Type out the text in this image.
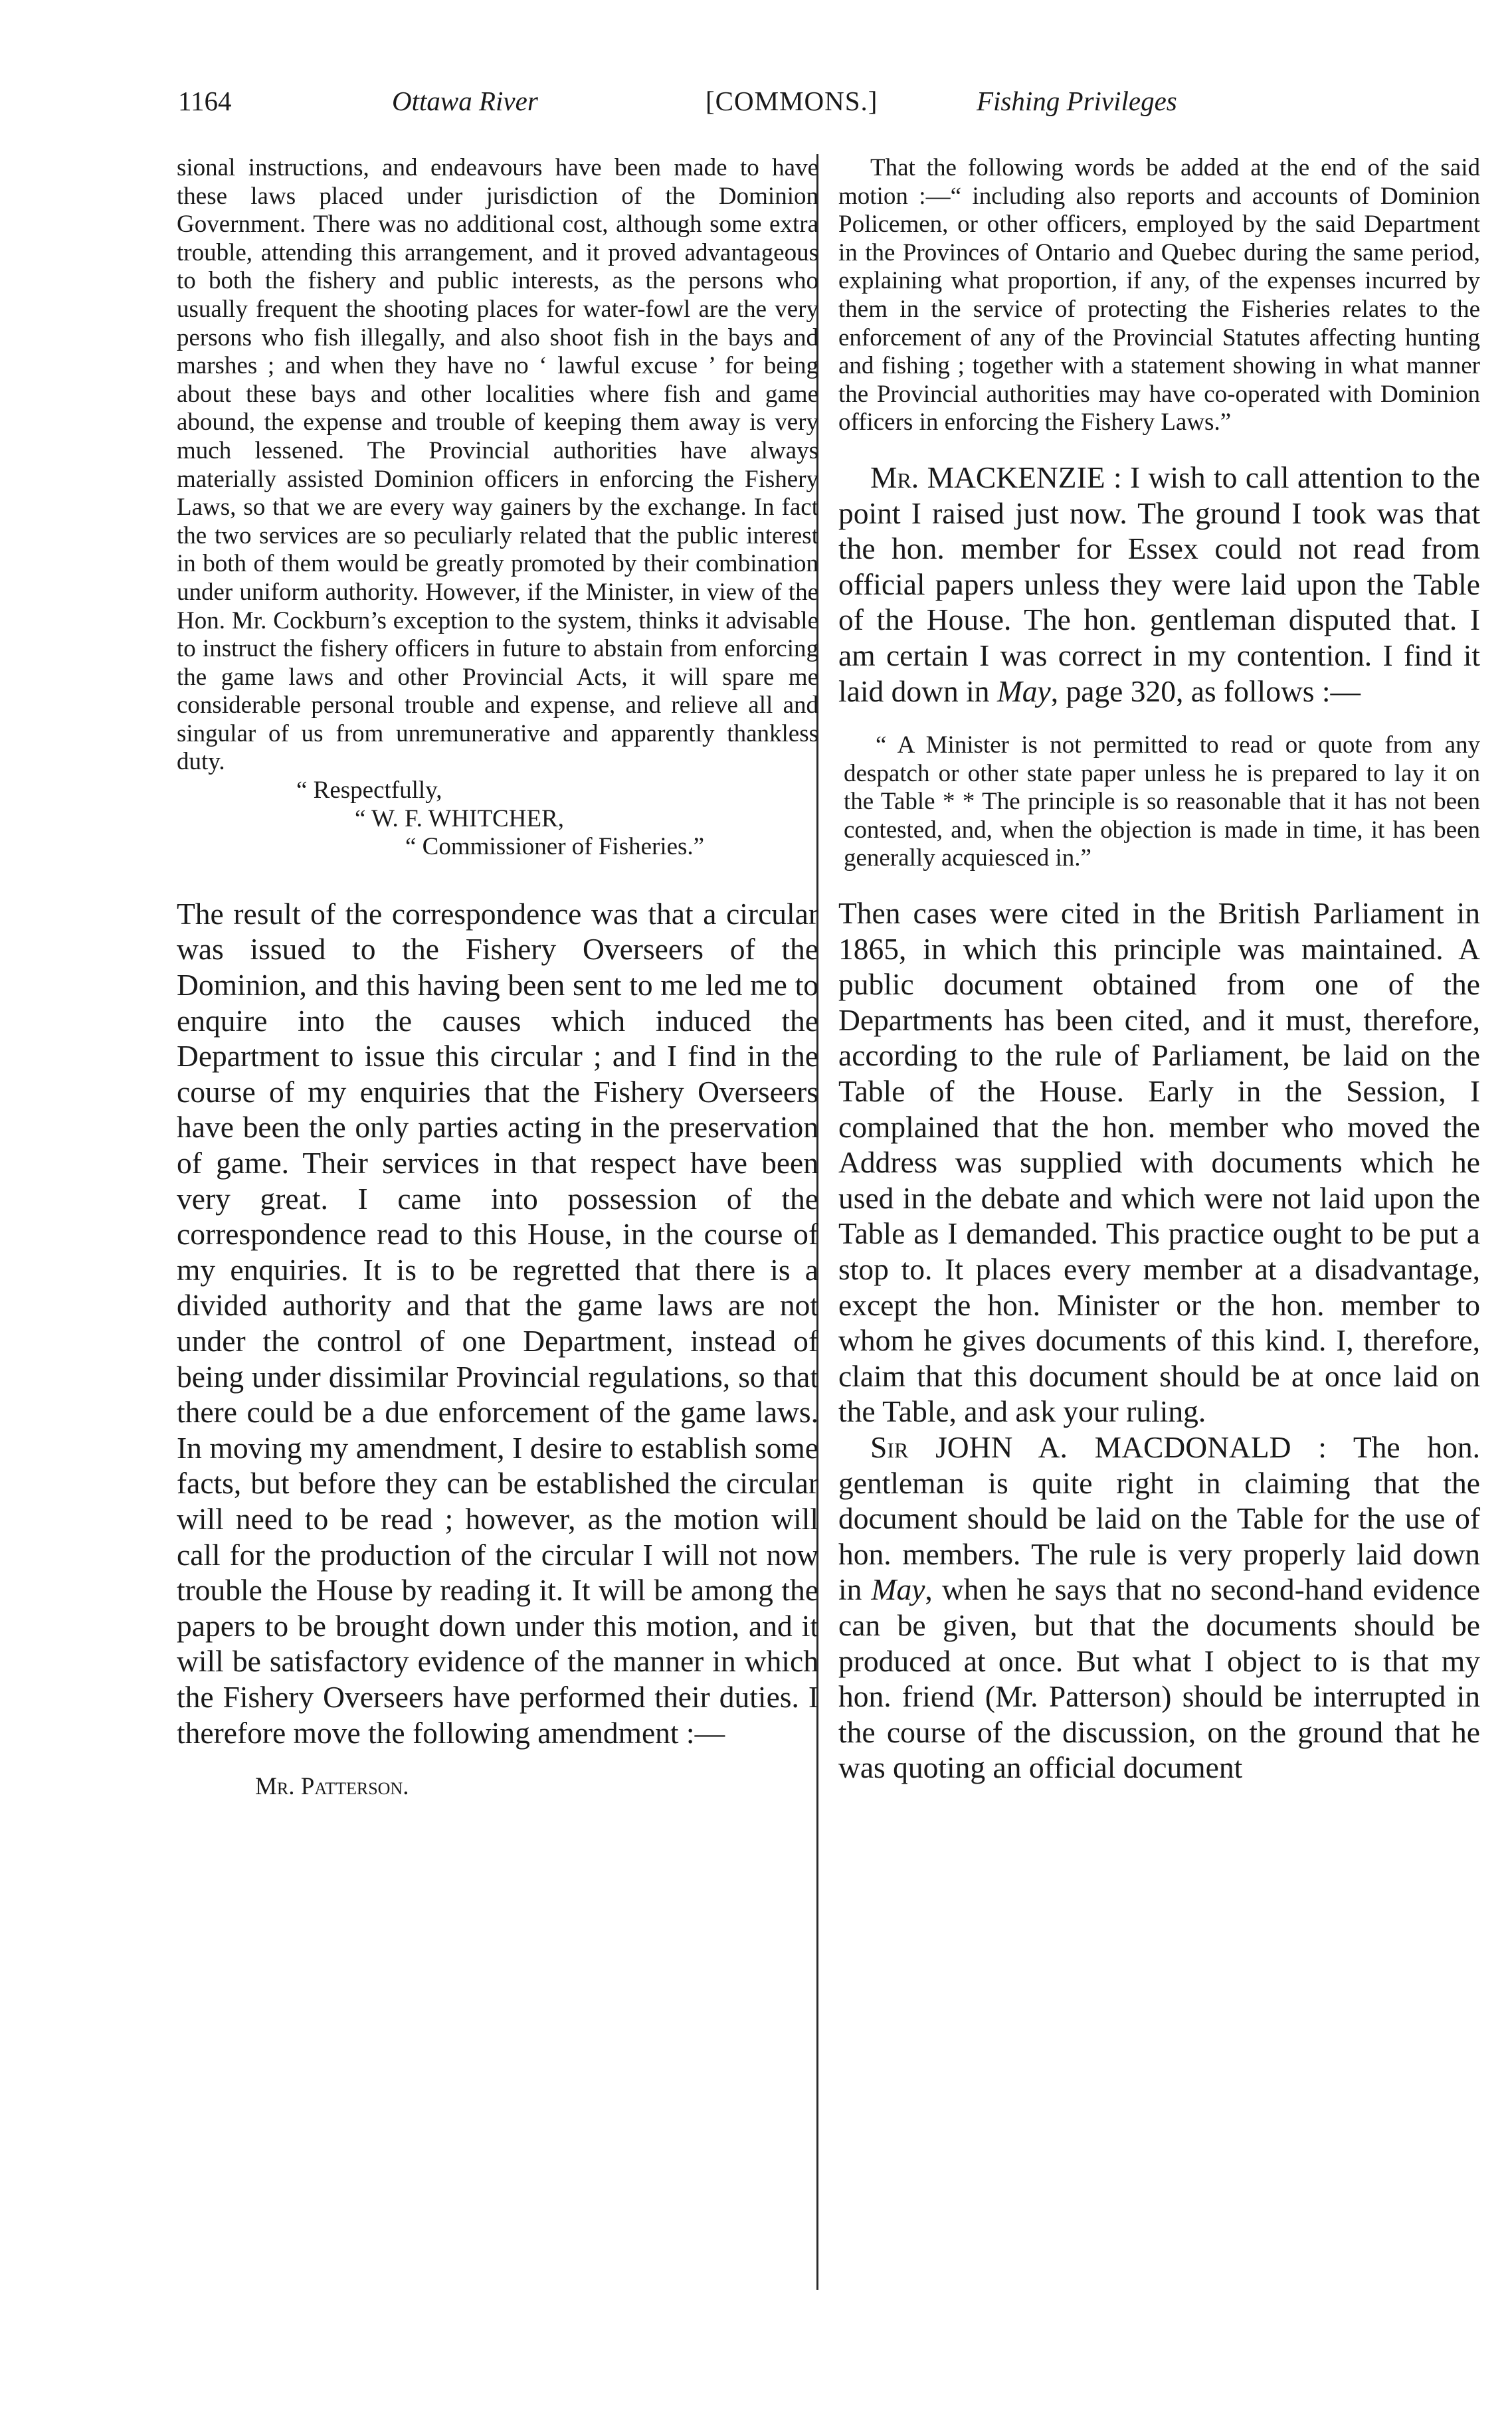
1164	Ottawa River	[COMMONS.]	Fishing Privileges

sional instructions, and endeavours have been made to have these laws placed under jurisdiction of the Dominion Government. There was no additional cost, although some extra trouble, attending this arrangement, and it proved advantageous to both the fishery and public interests, as the persons who usually frequent the shooting places for water-fowl are the very persons who fish illegally, and also shoot fish in the bays and marshes ; and when they have no ‘ lawful excuse ’ for being about these bays and other localities where fish and game abound, the expense and trouble of keeping them away is very much lessened. The Provincial authorities have always materially assisted Dominion officers in enforcing the Fishery Laws, so that we are every way gainers by the exchange. In fact the two services are so peculiarly related that the public interest in both of them would be greatly promoted by their combination under uniform authority. However, if the Minister, in view of the Hon. Mr. Cockburn’s exception to the system, thinks it advisable to instruct the fishery officers in future to abstain from enforcing the game laws and other Provincial Acts, it will spare me considerable personal trouble and expense, and relieve all and singular of us from unremunerative and apparently thankless duty.

“ Respectfully,

“ W. F. WHITCHER,

“ Commissioner of Fisheries.”

The result of the correspondence was that a circular was issued to the Fishery Overseers of the Dominion, and this having been sent to me led me to enquire into the causes which induced the Department to issue this circular ; and I find in the course of my enquiries that the Fishery Overseers have been the only parties acting in the preservation of game. Their services in that respect have been very great. I came into possession of the correspondence read to this House, in the course of my enquiries. It is to be regretted that there is a divided authority and that the game laws are not under the control of one Department, instead of being under dissimilar Provincial regulations, so that there could be a due enforcement of the game laws. In moving my amendment, I desire to establish some facts, but before they can be established the circular will need to be read ; however, as the motion will call for the production of the circular I will not now trouble the House by reading it. It will be among the papers to be brought down under this motion, and it will be satisfactory evidence of the manner in which the Fishery Overseers have performed their duties. I therefore move the following amendment :—

Mr. Patterson.

That the following words be added at the end of the said motion :—“ including also reports and accounts of Dominion Policemen, or other officers, employed by the said Department in the Provinces of Ontario and Quebec during the same period, explaining what proportion, if any, of the expenses incurred by them in the service of protecting the Fisheries relates to the enforcement of any of the Provincial Statutes affecting hunting and fishing ; together with a statement showing in what manner the Provincial authorities may have co-operated with Dominion officers in enforcing the Fishery Laws.”

Mr. MACKENZIE : I wish to call attention to the point I raised just now. The ground I took was that the hon. member for Essex could not read from official papers unless they were laid upon the Table of the House. The hon. gentleman disputed that. I am certain I was correct in my contention. I find it laid down in May, page 320, as follows :—

“ A Minister is not permitted to read or quote from any despatch or other state paper unless he is prepared to lay it on the Table * * The principle is so reasonable that it has not been contested, and, when the objection is made in time, it has been generally acquiesced in.”

Then cases were cited in the British Parliament in 1865, in which this principle was maintained. A public document obtained from one of the Departments has been cited, and it must, therefore, according to the rule of Parliament, be laid on the Table of the House. Early in the Session, I complained that the hon. member who moved the Address was supplied with documents which he used in the debate and which were not laid upon the Table as I demanded. This practice ought to be put a stop to. It places every member at a disadvantage, except the hon. Minister or the hon. member to whom he gives documents of this kind. I, therefore, claim that this document should be at once laid on the Table, and ask your ruling.

Sir JOHN A. MACDONALD : The hon. gentleman is quite right in claiming that the document should be laid on the Table for the use of hon. members. The rule is very properly laid down in May, when he says that no second-hand evidence can be given, but that the documents should be produced at once. But what I object to is that my hon. friend (Mr. Patterson) should be interrupted in the course of the discussion, on the ground that he was quoting an official document
